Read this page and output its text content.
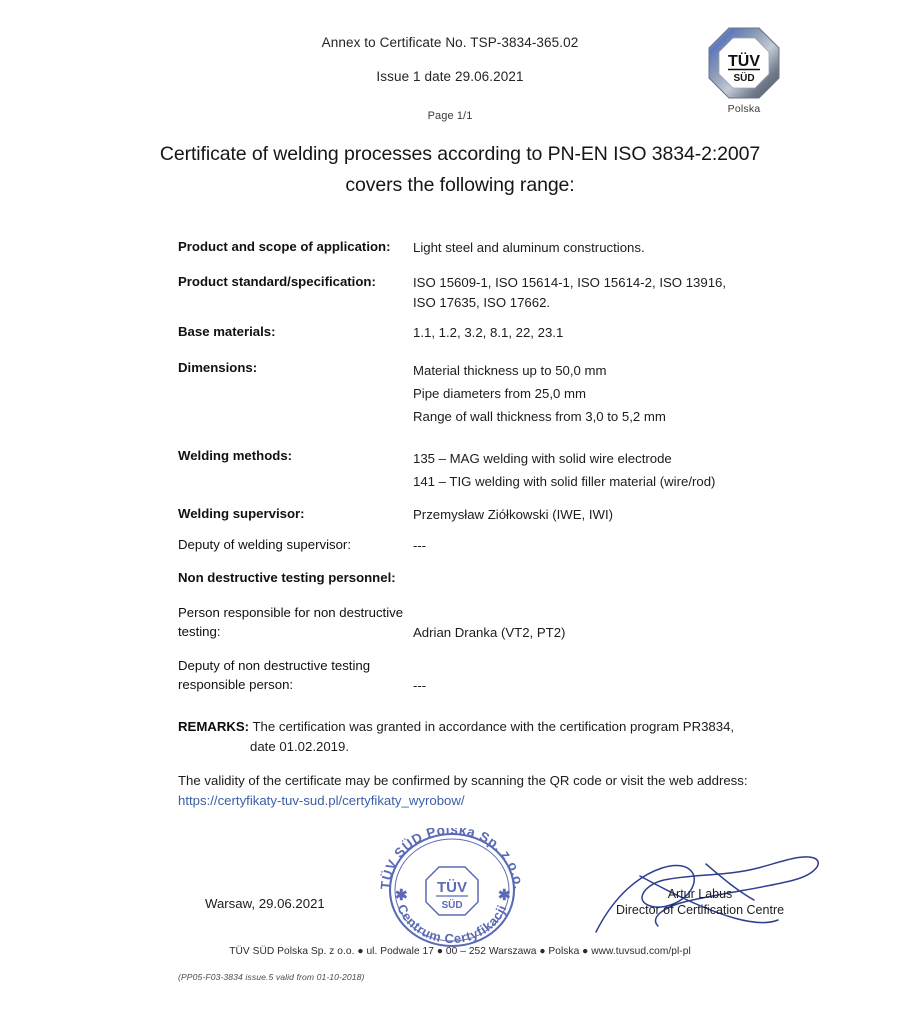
Annex to Certificate No. TSP-3834-365.02
Issue 1 date 29.06.2021
Page 1/1
TÜV
SÜD
Polska
Certificate of welding processes according to PN-EN ISO 3834-2:2007
covers the following range:
Product and scope of application:	Light steel and aluminum constructions.
Product standard/specification:	ISO 15609-1, ISO 15614-1, ISO 15614-2, ISO 13916,
ISO 17635, ISO 17662.
Base materials:	1.1, 1.2, 3.2, 8.1, 22, 23.1
Dimensions:	Material thickness up to 50,0 mm
Pipe diameters from 25,0 mm
Range of wall thickness from 3,0 to 5,2 mm
Welding methods:	135 – MAG welding with solid wire electrode
141 – TIG welding with solid filler material (wire/rod)
Welding supervisor:	Przemysław Ziółkowski (IWE, IWI)
Deputy of welding supervisor:	---
Non destructive testing personnel:
Person responsible for non destructive testing:	Adrian Dranka (VT2, PT2)
Deputy of non destructive testing responsible person:	---
REMARKS: The certification was granted in accordance with the certification program PR3834,
date 01.02.2019.
The validity of the certificate may be confirmed by scanning the QR code or visit the web address:
https://certyfikaty-tuv-sud.pl/certyfikaty_wyrobow/
TÜV SÜD Polska Sp. z o.o.
Centrum Certyfikacji
✱	✱
TÜV
SÜD
Warsaw, 29.06.2021
Artur Labus
Director of Certification Centre
TÜV SÜD Polska Sp. z o.o. ● ul. Podwale 17 ● 00 – 252 Warszawa ● Polska ● www.tuvsud.com/pl-pl
(PP05-F03-3834 issue.5 valid from 01-10-2018)
